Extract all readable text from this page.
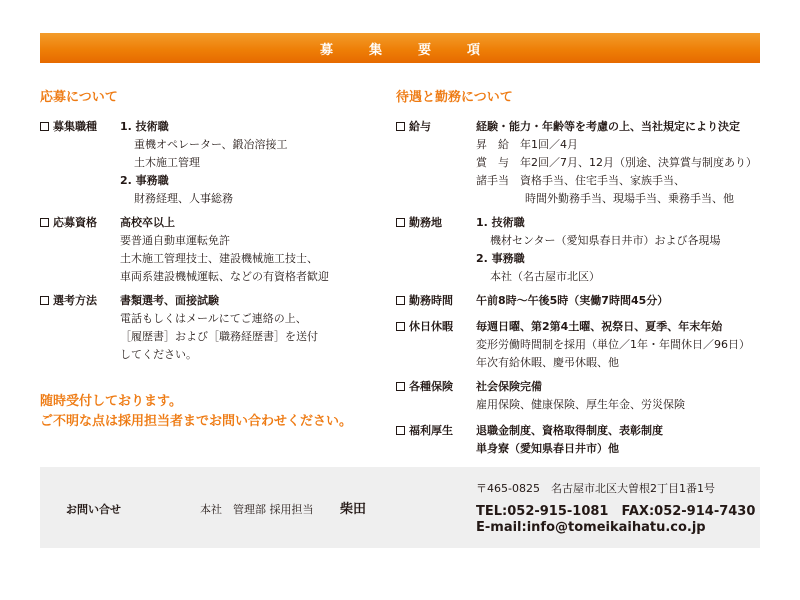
募	集	要	項
応募について
募集職種 1. 技術職
重機オペレーター、鍛冶溶接工
土木施工管理
2. 事務職
財務経理、人事総務
応募資格 高校卒以上
要普通自動車運転免許
土木施工管理技士、建設機械施工技士、
車両系建設機械運転、などの有資格者歓迎
選考方法 書類選考、面接試験
電話もしくはメールにてご連絡の上、
［履歴書］および［職務経歴書］を送付
してください。
随時受付しております。
ご不明な点は採用担当者までお問い合わせください。
待遇と勤務について
給与	経験・能力・年齢等を考慮の上、当社規定により決定
昇　給　年1回／4月
賞　与　年2回／7月、12月（別途、決算賞与制度あり）
諸手当　資格手当、住宅手当、家族手当、
時間外勤務手当、現場手当、乗務手当、他
勤務地	1. 技術職
機材センター（愛知県春日井市）および各現場
2. 事務職
本社（名古屋市北区）
勤務時間 午前8時〜午後5時（実働7時間45分）
休日休暇 毎週日曜、第2第4土曜、祝祭日、夏季、年末年始
変形労働時間制を採用（単位／1年・年間休日／96日）
年次有給休暇、慶弔休暇、他
各種保険 社会保険完備
雇用保険、健康保険、厚生年金、労災保険
福利厚生 退職金制度、資格取得制度、表彰制度
単身寮（愛知県春日井市）他
お問い合せ	本社　管理部 採用担当 柴田
〒465-0825　名古屋市北区大曽根2丁目1番1号
TEL:052-915-1081　FAX:052-914-7430
E-mail:info@tomeikaihatu.co.jp
